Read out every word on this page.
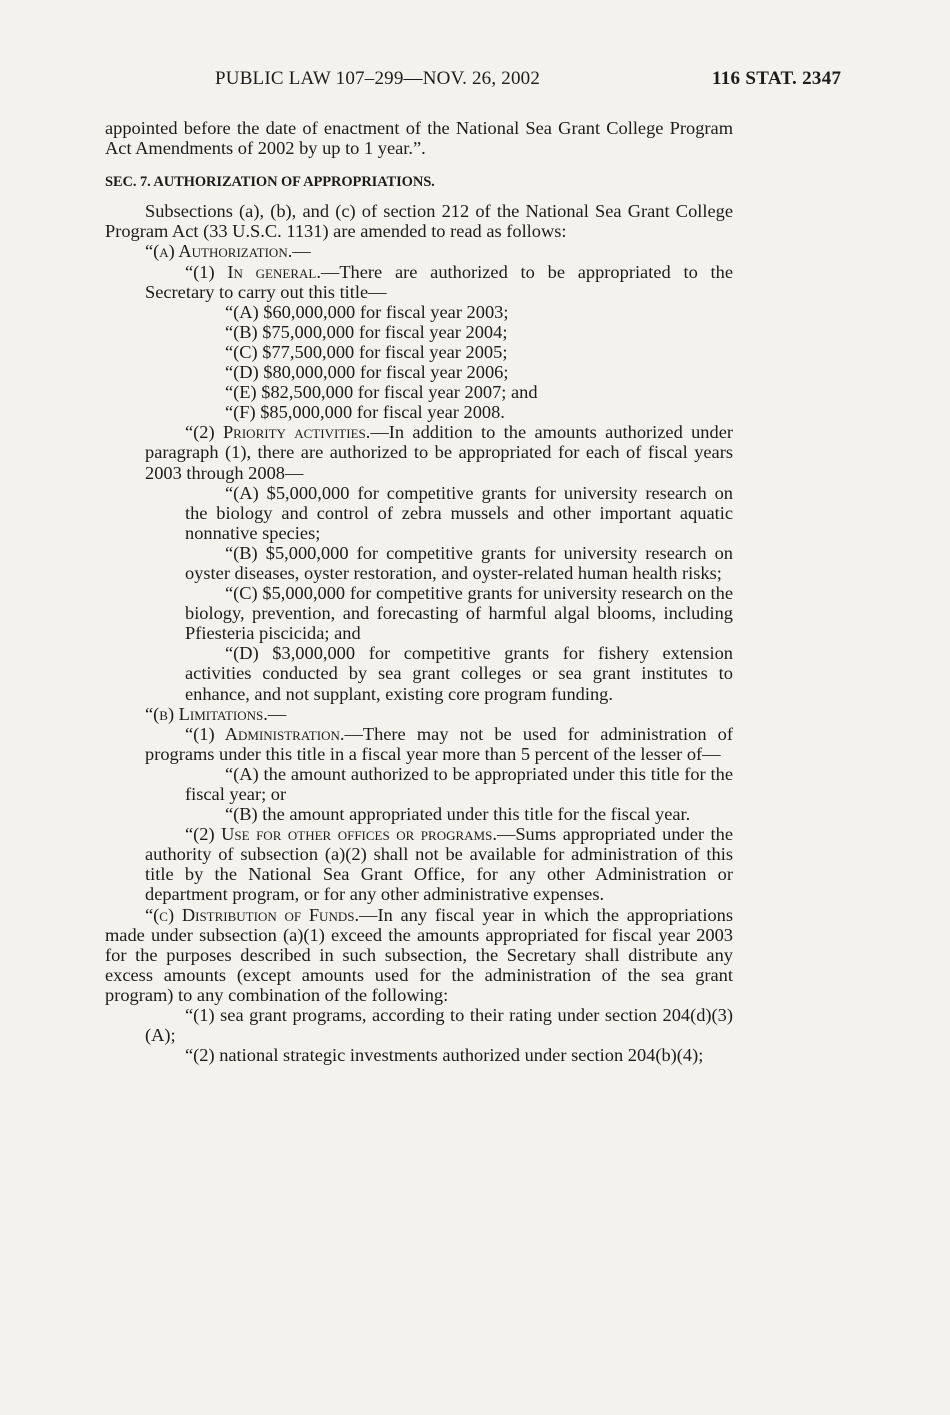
PUBLIC LAW 107–299—NOV. 26, 2002	116 STAT. 2347

appointed before the date of enactment of the National Sea Grant College Program Act Amendments of 2002 by up to 1 year.”.

SEC. 7. AUTHORIZATION OF APPROPRIATIONS.

Subsections (a), (b), and (c) of section 212 of the National Sea Grant College Program Act (33 U.S.C. 1131) are amended to read as follows:

“(a) Authorization.—

“(1) In general.—There are authorized to be appropriated to the Secretary to carry out this title—

“(A) $60,000,000 for fiscal year 2003;

“(B) $75,000,000 for fiscal year 2004;

“(C) $77,500,000 for fiscal year 2005;

“(D) $80,000,000 for fiscal year 2006;

“(E) $82,500,000 for fiscal year 2007; and

“(F) $85,000,000 for fiscal year 2008.

“(2) Priority activities.—In addition to the amounts authorized under paragraph (1), there are authorized to be appropriated for each of fiscal years 2003 through 2008—

“(A) $5,000,000 for competitive grants for university research on the biology and control of zebra mussels and other important aquatic nonnative species;

“(B) $5,000,000 for competitive grants for university research on oyster diseases, oyster restoration, and oyster-related human health risks;

“(C) $5,000,000 for competitive grants for university research on the biology, prevention, and forecasting of harmful algal blooms, including Pfiesteria piscicida; and

“(D) $3,000,000 for competitive grants for fishery extension activities conducted by sea grant colleges or sea grant institutes to enhance, and not supplant, existing core program funding.

“(b) Limitations.—

“(1) Administration.—There may not be used for administration of programs under this title in a fiscal year more than 5 percent of the lesser of—

“(A) the amount authorized to be appropriated under this title for the fiscal year; or

“(B) the amount appropriated under this title for the fiscal year.

“(2) Use for other offices or programs.—Sums appropriated under the authority of subsection (a)(2) shall not be available for administration of this title by the National Sea Grant Office, for any other Administration or department program, or for any other administrative expenses.

“(c) Distribution of Funds.—In any fiscal year in which the appropriations made under subsection (a)(1) exceed the amounts appropriated for fiscal year 2003 for the purposes described in such subsection, the Secretary shall distribute any excess amounts (except amounts used for the administration of the sea grant program) to any combination of the following:

“(1) sea grant programs, according to their rating under section 204(d)(3)(A);

“(2) national strategic investments authorized under section 204(b)(4);
